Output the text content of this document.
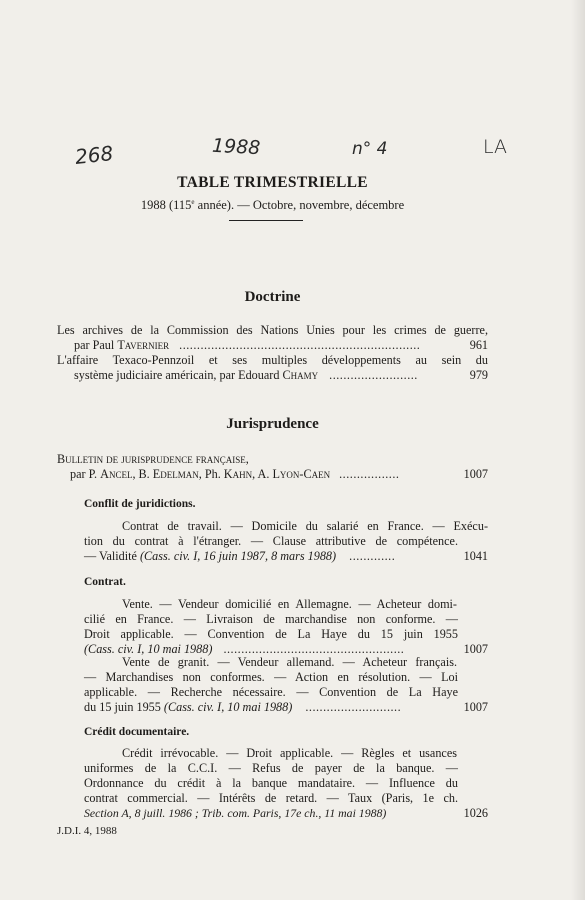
268	1988	n° 4	LA
TABLE TRIMESTRIELLE
1988 (115e année). — Octobre, novembre, décembre
Doctrine
Les archives de la Commission des Nations Unies pour les crimes de guerre,
par Paul Tavernier ....................................................................	961
L'affaire Texaco-Pennzoil et ses multiples développements au sein du
système judiciaire américain, par Edouard Chamy .........................	979
Jurisprudence
Bulletin de jurisprudence française,
par P. Ancel, B. Edelman, Ph. Kahn, A. Lyon-Caen .................	1007
Conflit de juridictions.
Contrat de travail. — Domicile du salarié en France. — Exécu-
tion du contrat à l'étranger. — Clause attributive de compétence.
— Validité (Cass. civ. I, 16 juin 1987, 8 mars 1988) .............	1041
Contrat.
Vente. — Vendeur domicilié en Allemagne. — Acheteur domi-
cilié en France. — Livraison de marchandise non conforme. —
Droit applicable. — Convention de La Haye du 15 juin 1955
(Cass. civ. I, 10 mai 1988) ...................................................	1007
Vente de granit. — Vendeur allemand. — Acheteur français.
— Marchandises non conformes. — Action en résolution. — Loi
applicable. — Recherche nécessaire. — Convention de La Haye
du 15 juin 1955 (Cass. civ. I, 10 mai 1988) ...........................	1007
Crédit documentaire.
Crédit irrévocable. — Droit applicable. — Règles et usances
uniformes de la C.C.I. — Refus de payer de la banque. —
Ordonnance du crédit à la banque mandataire. — Influence du
contrat commercial. — Intérêts de retard. — Taux (Paris, 1e ch.
Section A, 8 juill. 1986 ; Trib. com. Paris, 17e ch., 11 mai 1988)	1026
J.D.I. 4, 1988
